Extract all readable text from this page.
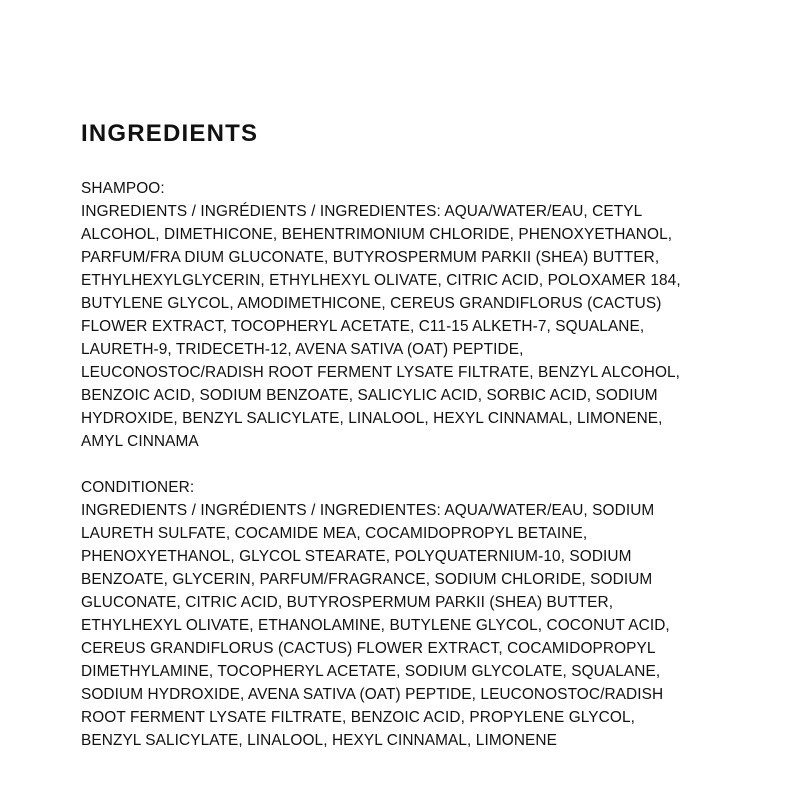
INGREDIENTS
SHAMPOO:
INGREDIENTS / INGRÉDIENTS / INGREDIENTES: AQUA/WATER/EAU, CETYL
ALCOHOL, DIMETHICONE, BEHENTRIMONIUM CHLORIDE, PHENOXYETHANOL,
PARFUM/FRA DIUM GLUCONATE, BUTYROSPERMUM PARKII (SHEA) BUTTER,
ETHYLHEXYLGLYCERIN, ETHYLHEXYL OLIVATE, CITRIC ACID, POLOXAMER 184,
BUTYLENE GLYCOL, AMODIMETHICONE, CEREUS GRANDIFLORUS (CACTUS)
FLOWER EXTRACT, TOCOPHERYL ACETATE, C11-15 ALKETH-7, SQUALANE,
LAURETH-9, TRIDECETH-12, AVENA SATIVA (OAT) PEPTIDE,
LEUCONOSTOC/RADISH ROOT FERMENT LYSATE FILTRATE, BENZYL ALCOHOL,
BENZOIC ACID, SODIUM BENZOATE, SALICYLIC ACID, SORBIC ACID, SODIUM
HYDROXIDE, BENZYL SALICYLATE, LINALOOL, HEXYL CINNAMAL, LIMONENE,
AMYL CINNAMA
CONDITIONER:
INGREDIENTS / INGRÉDIENTS / INGREDIENTES: AQUA/WATER/EAU, SODIUM
LAURETH SULFATE, COCAMIDE MEA, COCAMIDOPROPYL BETAINE,
PHENOXYETHANOL, GLYCOL STEARATE, POLYQUATERNIUM-10, SODIUM
BENZOATE, GLYCERIN, PARFUM/FRAGRANCE, SODIUM CHLORIDE, SODIUM
GLUCONATE, CITRIC ACID, BUTYROSPERMUM PARKII (SHEA) BUTTER,
ETHYLHEXYL OLIVATE, ETHANOLAMINE, BUTYLENE GLYCOL, COCONUT ACID,
CEREUS GRANDIFLORUS (CACTUS) FLOWER EXTRACT, COCAMIDOPROPYL
DIMETHYLAMINE, TOCOPHERYL ACETATE, SODIUM GLYCOLATE, SQUALANE,
SODIUM HYDROXIDE, AVENA SATIVA (OAT) PEPTIDE, LEUCONOSTOC/RADISH
ROOT FERMENT LYSATE FILTRATE, BENZOIC ACID, PROPYLENE GLYCOL,
BENZYL SALICYLATE, LINALOOL, HEXYL CINNAMAL, LIMONENE
